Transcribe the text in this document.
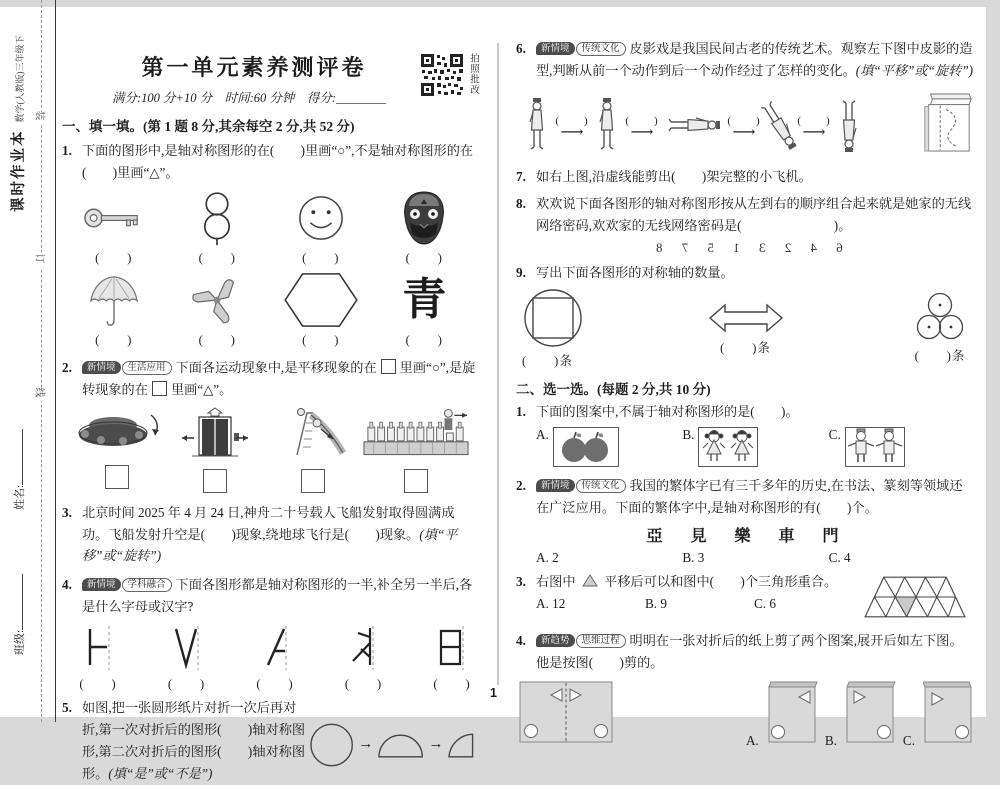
装
订
线
课时作业本数学(人教版)三年级下
姓名:
班级:
1
拍照批改
第一单元素养测评卷
满分:100 分+10 分　时间:60 分钟　得分:________
一、填一填。(第 1 题 8 分,其余每空 2 分,共 52 分)
1. 下面的图形中,是轴对称图形的在(　　)里画“○”,不是轴对称图形的在(　　)里画“△”。
(　　)	(　　)	(　　)	(　　)
(　　)	(　　)	(　　)
青
(　　)
2. 新情境 生活应用 下面各运动现象中,是平移现象的在 里画“○”,是旋转现象的在 里画“△”。
3. 北京时间 2025 年 4 月 24 日,神舟二十号载人飞船发射取得圆满成功。飞船发射升空是(　　)现象,绕地球飞行是(　　)现象。(填“平移”或“旋转”)
4. 新情境 学科融合 下面各图形都是轴对称图形的一半,补全另一半后,各是什么字母或汉字?
(　　)	(　　)	(　　)	(　　)	(　　)
5. 如图,把一张圆形纸片对折一次后再对折,第一次对折后的图形(　　)轴对称图形,第二次对折后的图形(　　)轴对称图形。(填“是”或“不是”)
→	→
6. 新情境 传统文化 皮影戏是我国民间古老的传统艺术。观察左下图中皮影的造型,判断从前一个动作到后一个动作经过了怎样的变化。(填“平移”或“旋转”)
(　　)
⟶
(　　)
⟶
(　　)
⟶
(　　)
⟶
7. 如右上图,沿虚线能剪出(　　)架完整的小飞机。
8. 欢欢说下面各图形的轴对称图形按从左到右的顺序组合起来就是她家的无线网络密码,欢欢家的无线网络密码是(　　　　　　　)。
6 4 2 3 1 5 7 8
9. 写出下面各图形的对称轴的数量。
(　　)条
(　　)条
(　　)条
二、选一选。(每题 2 分,共 10 分)
1. 下面的图案中,不属于轴对称图形的是(　　)。
A.	B.	C.
2. 新情境 传统文化 我国的繁体字已有三千多年的历史,在书法、篆刻等领域还在广泛应用。下面的繁体字中,是轴对称图形的有(　　)个。
亞　見　樂　車　門
A. 2	B. 3	C. 4
3. 右图中 平移后可以和图中(　　)个三角形重合。
A. 12	B. 9	C. 6
4. 新趋势 思维过程 明明在一张对折后的纸上剪了两个图案,展开后如左下图。他是按图(　　)剪的。
A.	B.	C.
